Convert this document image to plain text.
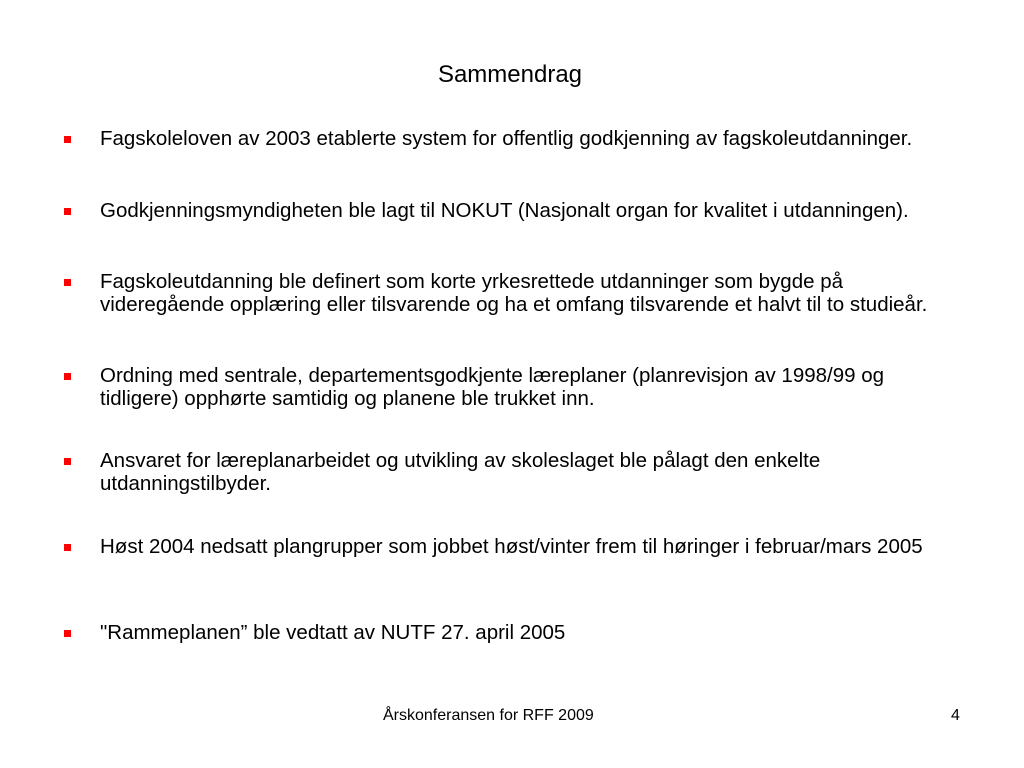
Sammendrag
Fagskoleloven av 2003 etablerte system for offentlig godkjenning av fagskoleutdanninger.
Godkjenningsmyndigheten ble lagt til NOKUT (Nasjonalt organ for kvalitet i utdanningen).
Fagskoleutdanning ble definert som korte yrkesrettede utdanninger som bygde på videregående opplæring eller tilsvarende og ha et omfang tilsvarende et halvt til to studieår.
Ordning med sentrale, departementsgodkjente læreplaner (planrevisjon av 1998/99 og tidligere) opphørte samtidig og planene ble trukket inn.
Ansvaret for læreplanarbeidet og utvikling av skoleslaget ble pålagt den enkelte utdanningstilbyder.
Høst 2004 nedsatt plangrupper som jobbet høst/vinter frem til høringer i februar/mars 2005
"Rammeplanen” ble vedtatt av NUTF 27. april 2005
Årskonferansen for RFF 2009	4
